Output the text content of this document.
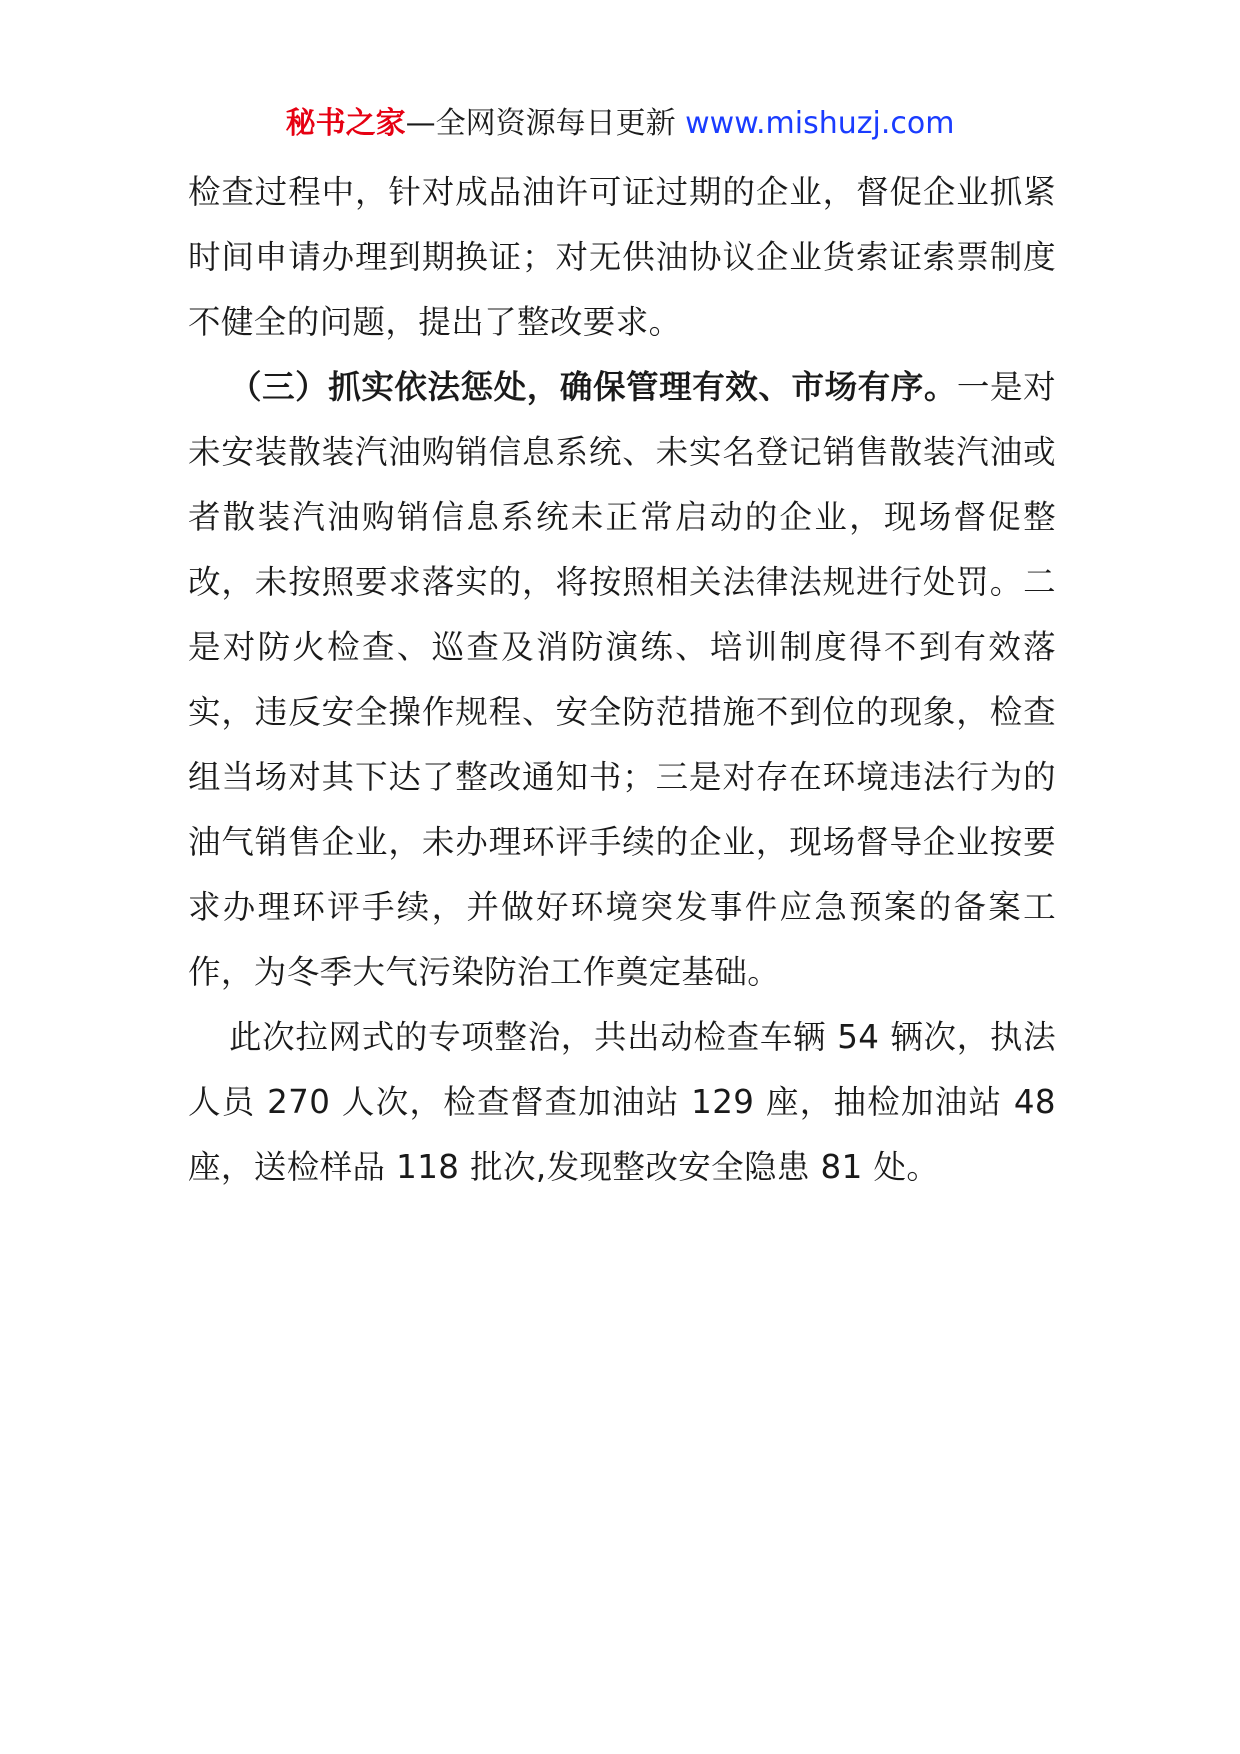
秘书之家—全网资源每日更新 www.mishuzj.com

检查过程中，针对成品油许可证过期的企业，督促企业抓紧时间申请办理到期换证；对无供油协议企业货索证索票制度不健全的问题，提出了整改要求。

（三）抓实依法惩处，确保管理有效、市场有序。一是对未安装散装汽油购销信息系统、未实名登记销售散装汽油或者散装汽油购销信息系统未正常启动的企业，现场督促整改，未按照要求落实的，将按照相关法律法规进行处罚。二是对防火检查、巡查及消防演练、培训制度得不到有效落实，违反安全操作规程、安全防范措施不到位的现象，检查组当场对其下达了整改通知书；三是对存在环境违法行为的油气销售企业，未办理环评手续的企业，现场督导企业按要求办理环评手续，并做好环境突发事件应急预案的备案工作，为冬季大气污染防治工作奠定基础。

此次拉网式的专项整治，共出动检查车辆 54 辆次，执法人员 270 人次，检查督查加油站 129 座，抽检加油站 48 座，送检样品 118 批次,发现整改安全隐患 81 处。
